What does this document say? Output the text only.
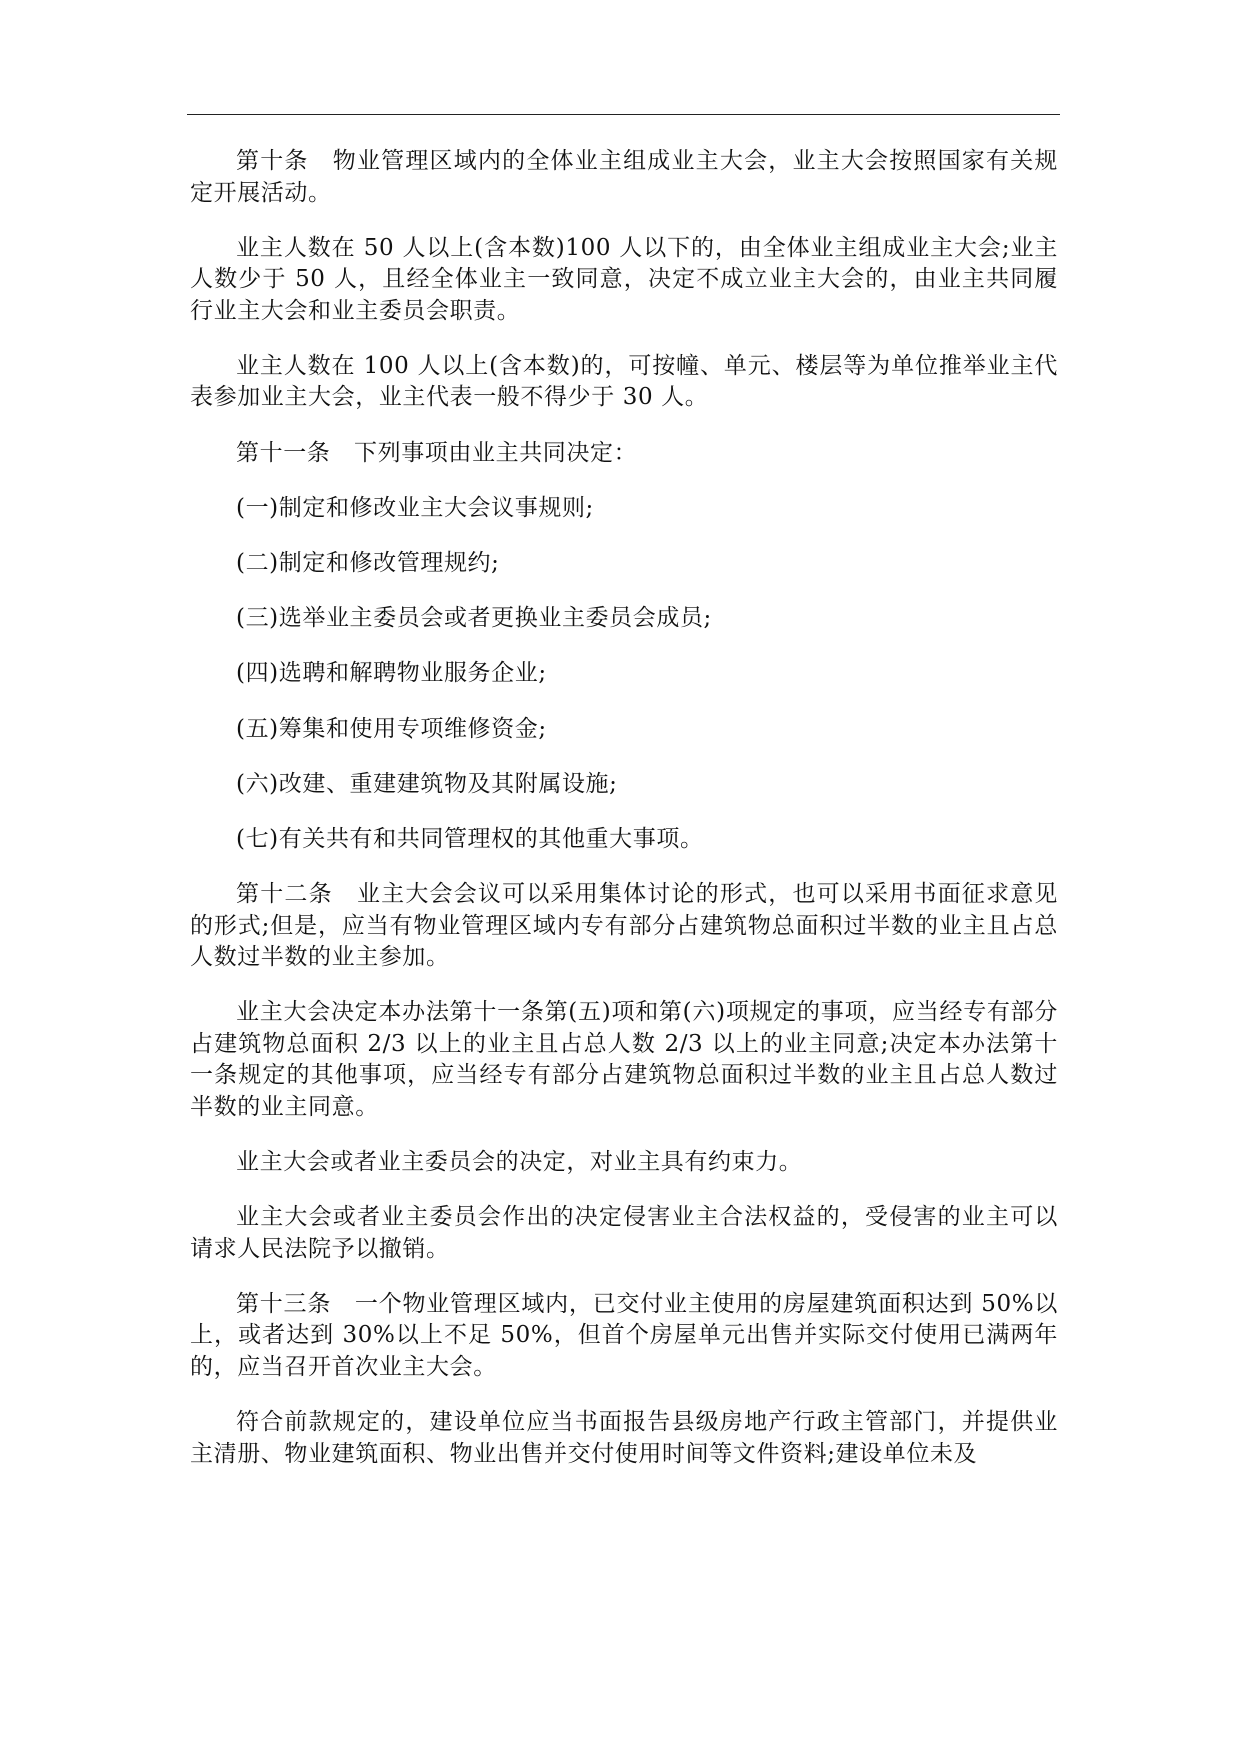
第十条　物业管理区域内的全体业主组成业主大会，业主大会按照国家有关规定开展活动。

业主人数在 50 人以上(含本数)100 人以下的，由全体业主组成业主大会;业主人数少于 50 人，且经全体业主一致同意，决定不成立业主大会的，由业主共同履行业主大会和业主委员会职责。

业主人数在 100 人以上(含本数)的，可按幢、单元、楼层等为单位推举业主代表参加业主大会，业主代表一般不得少于 30 人。

第十一条　下列事项由业主共同决定：

(一)制定和修改业主大会议事规则;

(二)制定和修改管理规约;

(三)选举业主委员会或者更换业主委员会成员;

(四)选聘和解聘物业服务企业;

(五)筹集和使用专项维修资金;

(六)改建、重建建筑物及其附属设施;

(七)有关共有和共同管理权的其他重大事项。

第十二条　业主大会会议可以采用集体讨论的形式，也可以采用书面征求意见的形式;但是，应当有物业管理区域内专有部分占建筑物总面积过半数的业主且占总人数过半数的业主参加。

业主大会决定本办法第十一条第(五)项和第(六)项规定的事项，应当经专有部分占建筑物总面积 2/3 以上的业主且占总人数 2/3 以上的业主同意;决定本办法第十一条规定的其他事项，应当经专有部分占建筑物总面积过半数的业主且占总人数过半数的业主同意。

业主大会或者业主委员会的决定，对业主具有约束力。

业主大会或者业主委员会作出的决定侵害业主合法权益的，受侵害的业主可以请求人民法院予以撤销。

第十三条　一个物业管理区域内，已交付业主使用的房屋建筑面积达到 50%以上，或者达到 30%以上不足 50%，但首个房屋单元出售并实际交付使用已满两年的，应当召开首次业主大会。

符合前款规定的，建设单位应当书面报告县级房地产行政主管部门，并提供业主清册、物业建筑面积、物业出售并交付使用时间等文件资料;建设单位未及
